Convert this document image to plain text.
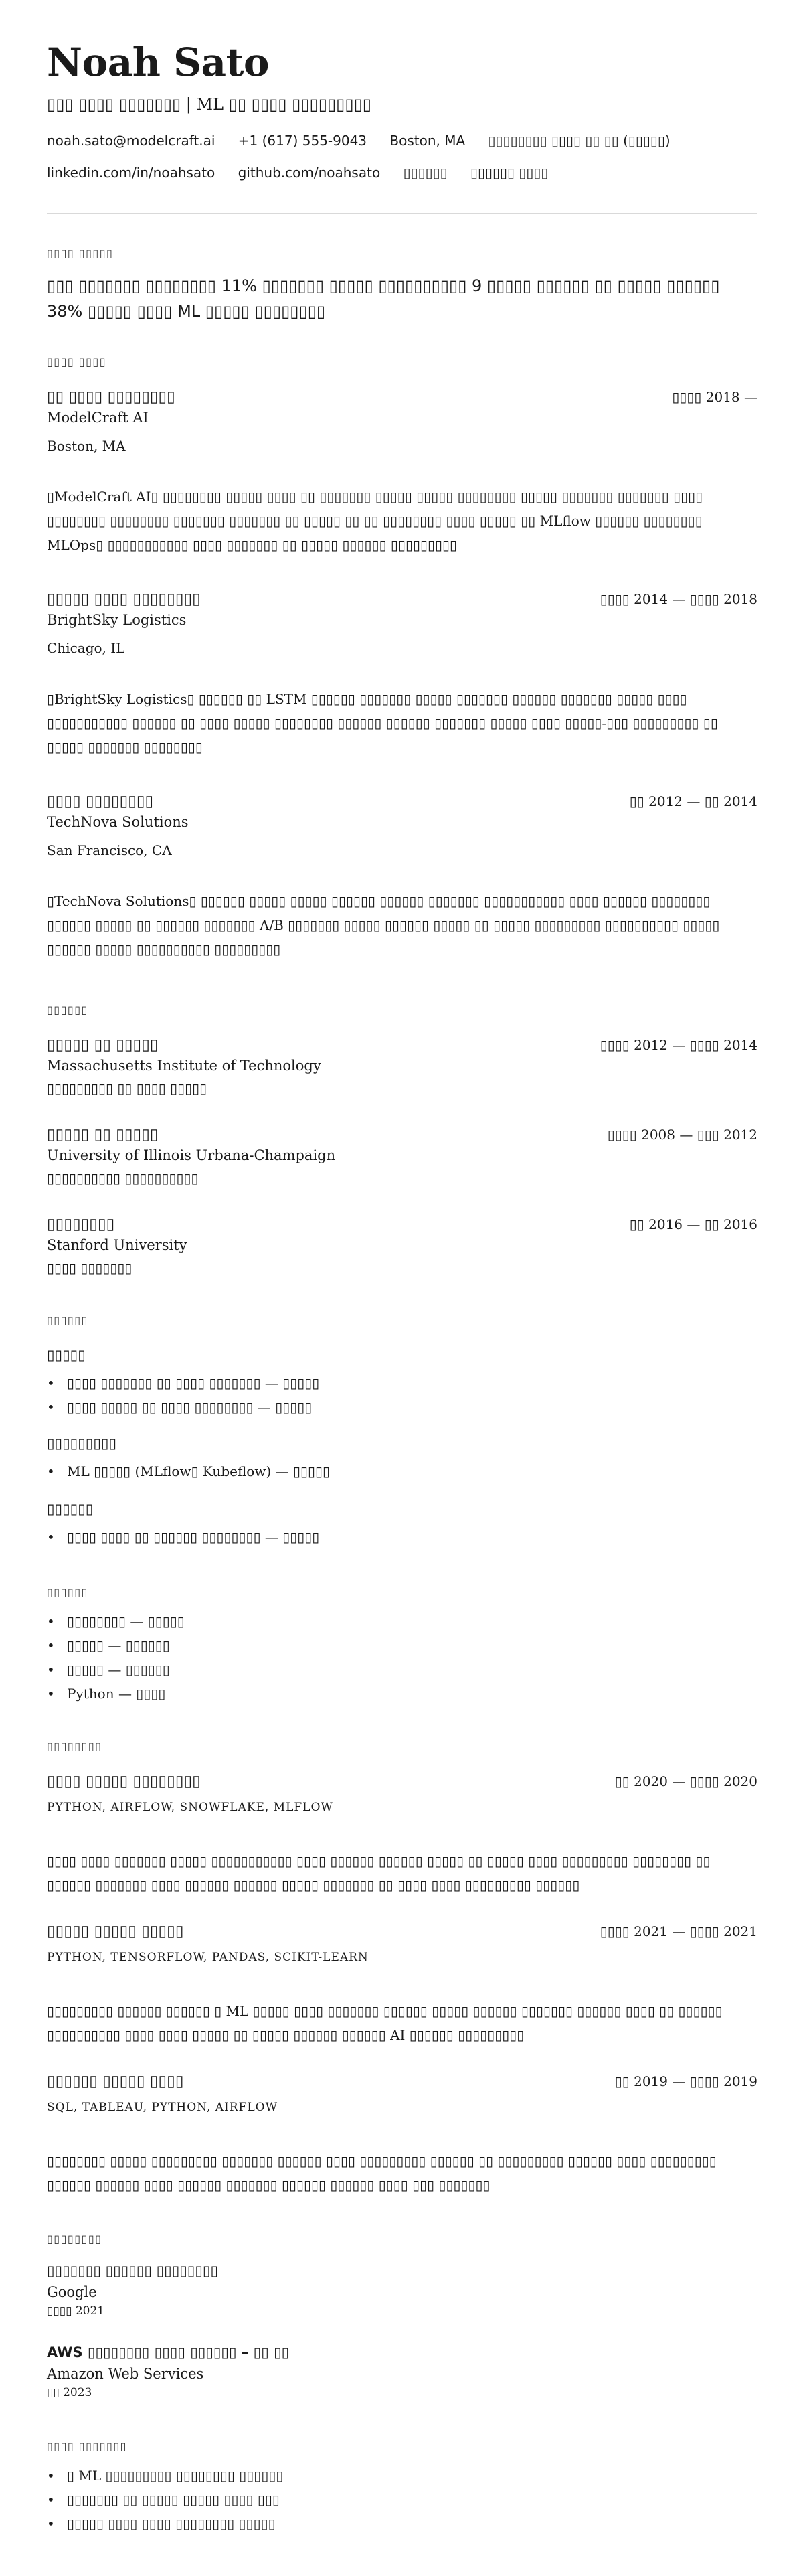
Noah Sato
▯▯▯ ▯▯▯▯ ▯▯▯▯▯▯▯ | ML ▯▯ ▯▯▯▯ ▯▯▯▯▯▯▯▯▯
noah.sato@modelcraft.ai +1 (617) 555-9043 Boston, MA ▯▯▯▯▯▯▯▯ ▯▯▯▯ ▯▯ ▯▯ (▯▯▯▯▯)
linkedin.com/in/noahsato github.com/noahsato ▯▯▯▯▯▯ ▯▯▯▯▯▯ ▯▯▯▯
▯▯▯▯ ▯▯▯▯▯
▯▯▯ ▯▯▯▯▯▯▯ ▯▯▯▯▯▯▯▯ 11% ▯▯▯▯▯▯▯ ▯▯▯▯▯ ▯▯▯▯▯▯▯▯▯▯ 9 ▯▯▯▯▯ ▯▯▯▯▯▯ ▯▯ ▯▯▯▯▯ ▯▯▯▯▯▯ 38% ▯▯▯▯▯ ▯▯▯▯ ML ▯▯▯▯▯ ▯▯▯▯▯▯▯▯
▯▯▯▯ ▯▯▯▯
▯▯ ▯▯▯▯ ▯▯▯▯▯▯▯▯	▯▯▯▯ 2018 —
ModelCraft AI
Boston, MA
▯ModelCraft AI▯ ▯▯▯▯▯▯▯▯ ▯▯▯▯▯ ▯▯▯▯ ▯▯ ▯▯▯▯▯▯▯ ▯▯▯▯▯ ▯▯▯▯▯ ▯▯▯▯▯▯▯▯ ▯▯▯▯▯ ▯▯▯▯▯▯▯ ▯▯▯▯▯▯▯ ▯▯▯▯ ▯▯▯▯▯▯▯▯ ▯▯▯▯▯▯▯▯ ▯▯▯▯▯▯▯ ▯▯▯▯▯▯▯ ▯▯ ▯▯▯▯▯ ▯▯ ▯▯ ▯▯▯▯▯▯▯▯ ▯▯▯▯ ▯▯▯▯▯ ▯▯ MLflow ▯▯▯▯▯▯ ▯▯▯▯▯▯▯▯ MLOps▯ ▯▯▯▯▯▯▯▯▯▯▯ ▯▯▯▯ ▯▯▯▯▯▯▯ ▯▯ ▯▯▯▯▯ ▯▯▯▯▯▯ ▯▯▯▯▯▯▯▯▯
▯▯▯▯▯ ▯▯▯▯ ▯▯▯▯▯▯▯▯	▯▯▯▯ 2014 — ▯▯▯▯ 2018
BrightSky Logistics
Chicago, IL
▯BrightSky Logistics▯ ▯▯▯▯▯▯ ▯▯ LSTM ▯▯▯▯▯▯ ▯▯▯▯▯▯▯ ▯▯▯▯▯ ▯▯▯▯▯▯▯ ▯▯▯▯▯▯ ▯▯▯▯▯▯▯ ▯▯▯▯▯ ▯▯▯▯ ▯▯▯▯▯▯▯▯▯▯▯ ▯▯▯▯▯▯ ▯▯ ▯▯▯▯ ▯▯▯▯▯ ▯▯▯▯▯▯▯▯ ▯▯▯▯▯▯ ▯▯▯▯▯▯ ▯▯▯▯▯▯▯ ▯▯▯▯▯ ▯▯▯▯ ▯▯▯▯▯-▯▯▯ ▯▯▯▯▯▯▯▯▯ ▯▯ ▯▯▯▯▯ ▯▯▯▯▯▯▯ ▯▯▯▯▯▯▯▯
▯▯▯▯ ▯▯▯▯▯▯▯▯	▯▯ 2012 — ▯▯ 2014
TechNova Solutions
San Francisco, CA
▯TechNova Solutions▯ ▯▯▯▯▯▯ ▯▯▯▯▯ ▯▯▯▯▯ ▯▯▯▯▯▯ ▯▯▯▯▯▯ ▯▯▯▯▯▯▯ ▯▯▯▯▯▯▯▯▯▯▯ ▯▯▯▯ ▯▯▯▯▯▯ ▯▯▯▯▯▯▯▯ ▯▯▯▯▯▯ ▯▯▯▯▯ ▯▯ ▯▯▯▯▯▯ ▯▯▯▯▯▯▯ A/B ▯▯▯▯▯▯▯ ▯▯▯▯▯ ▯▯▯▯▯▯ ▯▯▯▯▯ ▯▯ ▯▯▯▯▯ ▯▯▯▯▯▯▯▯▯ ▯▯▯▯▯▯▯▯▯▯ ▯▯▯▯▯ ▯▯▯▯▯▯ ▯▯▯▯▯ ▯▯▯▯▯▯▯▯▯▯ ▯▯▯▯▯▯▯▯▯
▯▯▯▯▯▯
▯▯▯▯▯ ▯▯ ▯▯▯▯▯	▯▯▯▯ 2012 — ▯▯▯▯ 2014
Massachusetts Institute of Technology
▯▯▯▯▯▯▯▯▯ ▯▯ ▯▯▯▯ ▯▯▯▯▯
▯▯▯▯▯ ▯▯ ▯▯▯▯▯	▯▯▯▯ 2008 — ▯▯▯ 2012
University of Illinois Urbana-Champaign
▯▯▯▯▯▯▯▯▯▯ ▯▯▯▯▯▯▯▯▯▯
▯▯▯▯▯▯▯▯	▯▯ 2016 — ▯▯ 2016
Stanford University
▯▯▯▯ ▯▯▯▯▯▯▯
▯▯▯▯▯▯
▯▯▯▯▯
• ▯▯▯▯ ▯▯▯▯▯▯▯ ▯▯ ▯▯▯▯ ▯▯▯▯▯▯▯ — ▯▯▯▯▯
• ▯▯▯▯ ▯▯▯▯▯ ▯▯ ▯▯▯▯ ▯▯▯▯▯▯▯▯ — ▯▯▯▯▯
▯▯▯▯▯▯▯▯▯
• ML ▯▯▯▯▯ (MLflow▯ Kubeflow) — ▯▯▯▯▯
▯▯▯▯▯▯
• ▯▯▯▯ ▯▯▯▯ ▯▯ ▯▯▯▯▯▯ ▯▯▯▯▯▯▯▯ — ▯▯▯▯▯
▯▯▯▯▯▯
• ▯▯▯▯▯▯▯▯ — ▯▯▯▯▯
• ▯▯▯▯▯ — ▯▯▯▯▯▯
• ▯▯▯▯▯ — ▯▯▯▯▯▯
• Python — ▯▯▯▯
▯▯▯▯▯▯▯▯
▯▯▯▯ ▯▯▯▯▯ ▯▯▯▯▯▯▯▯	▯▯ 2020 — ▯▯▯▯ 2020
PYTHON, AIRFLOW, SNOWFLAKE, MLFLOW
▯▯▯▯ ▯▯▯▯ ▯▯▯▯▯▯▯ ▯▯▯▯▯ ▯▯▯▯▯▯▯▯▯▯▯ ▯▯▯▯ ▯▯▯▯▯▯ ▯▯▯▯▯▯ ▯▯▯▯▯ ▯▯ ▯▯▯▯▯ ▯▯▯▯ ▯▯▯▯▯▯▯▯▯ ▯▯▯▯▯▯▯▯ ▯▯ ▯▯▯▯▯▯ ▯▯▯▯▯▯▯ ▯▯▯▯ ▯▯▯▯▯▯ ▯▯▯▯▯▯ ▯▯▯▯▯ ▯▯▯▯▯▯▯ ▯▯ ▯▯▯▯ ▯▯▯▯ ▯▯▯▯▯▯▯▯▯ ▯▯▯▯▯▯
▯▯▯▯▯ ▯▯▯▯▯ ▯▯▯▯▯	▯▯▯▯ 2021 — ▯▯▯▯ 2021
PYTHON, TENSORFLOW, PANDAS, SCIKIT-LEARN
▯▯▯▯▯▯▯▯▯ ▯▯▯▯▯▯ ▯▯▯▯▯▯ ▯ ML ▯▯▯▯▯ ▯▯▯▯ ▯▯▯▯▯▯▯ ▯▯▯▯▯▯ ▯▯▯▯▯ ▯▯▯▯▯▯ ▯▯▯▯▯▯▯ ▯▯▯▯▯▯ ▯▯▯▯ ▯▯ ▯▯▯▯▯▯ ▯▯▯▯▯▯▯▯▯▯ ▯▯▯▯ ▯▯▯▯ ▯▯▯▯▯ ▯▯ ▯▯▯▯▯ ▯▯▯▯▯▯ ▯▯▯▯▯▯ AI ▯▯▯▯▯▯ ▯▯▯▯▯▯▯▯▯
▯▯▯▯▯▯ ▯▯▯▯▯ ▯▯▯▯	▯▯ 2019 — ▯▯▯▯ 2019
SQL, TABLEAU, PYTHON, AIRFLOW
▯▯▯▯▯▯▯▯ ▯▯▯▯▯ ▯▯▯▯▯▯▯▯▯ ▯▯▯▯▯▯▯ ▯▯▯▯▯▯ ▯▯▯▯ ▯▯▯▯▯▯▯▯▯ ▯▯▯▯▯▯ ▯▯ ▯▯▯▯▯▯▯▯▯ ▯▯▯▯▯▯ ▯▯▯▯ ▯▯▯▯▯▯▯▯▯ ▯▯▯▯▯▯ ▯▯▯▯▯▯ ▯▯▯▯ ▯▯▯▯▯▯ ▯▯▯▯▯▯▯ ▯▯▯▯▯▯ ▯▯▯▯▯▯ ▯▯▯▯ ▯▯▯ ▯▯▯▯▯▯▯
▯▯▯▯▯▯▯▯
▯▯▯▯▯▯▯ ▯▯▯▯▯▯ ▯▯▯▯▯▯▯▯
Google
▯▯▯▯ 2021
AWS ▯▯▯▯▯▯▯▯ ▯▯▯▯ ▯▯▯▯▯▯ – ▯▯ ▯▯
Amazon Web Services
▯▯ 2023
▯▯▯▯ ▯▯▯▯▯▯▯
• ▯ ML ▯▯▯▯▯▯▯▯▯ ▯▯▯▯▯▯▯▯ ▯▯▯▯▯▯
• ▯▯▯▯▯▯▯ ▯▯ ▯▯▯▯▯ ▯▯▯▯▯ ▯▯▯▯ ▯▯▯
• ▯▯▯▯▯ ▯▯▯▯ ▯▯▯▯ ▯▯▯▯▯▯▯▯ ▯▯▯▯▯
